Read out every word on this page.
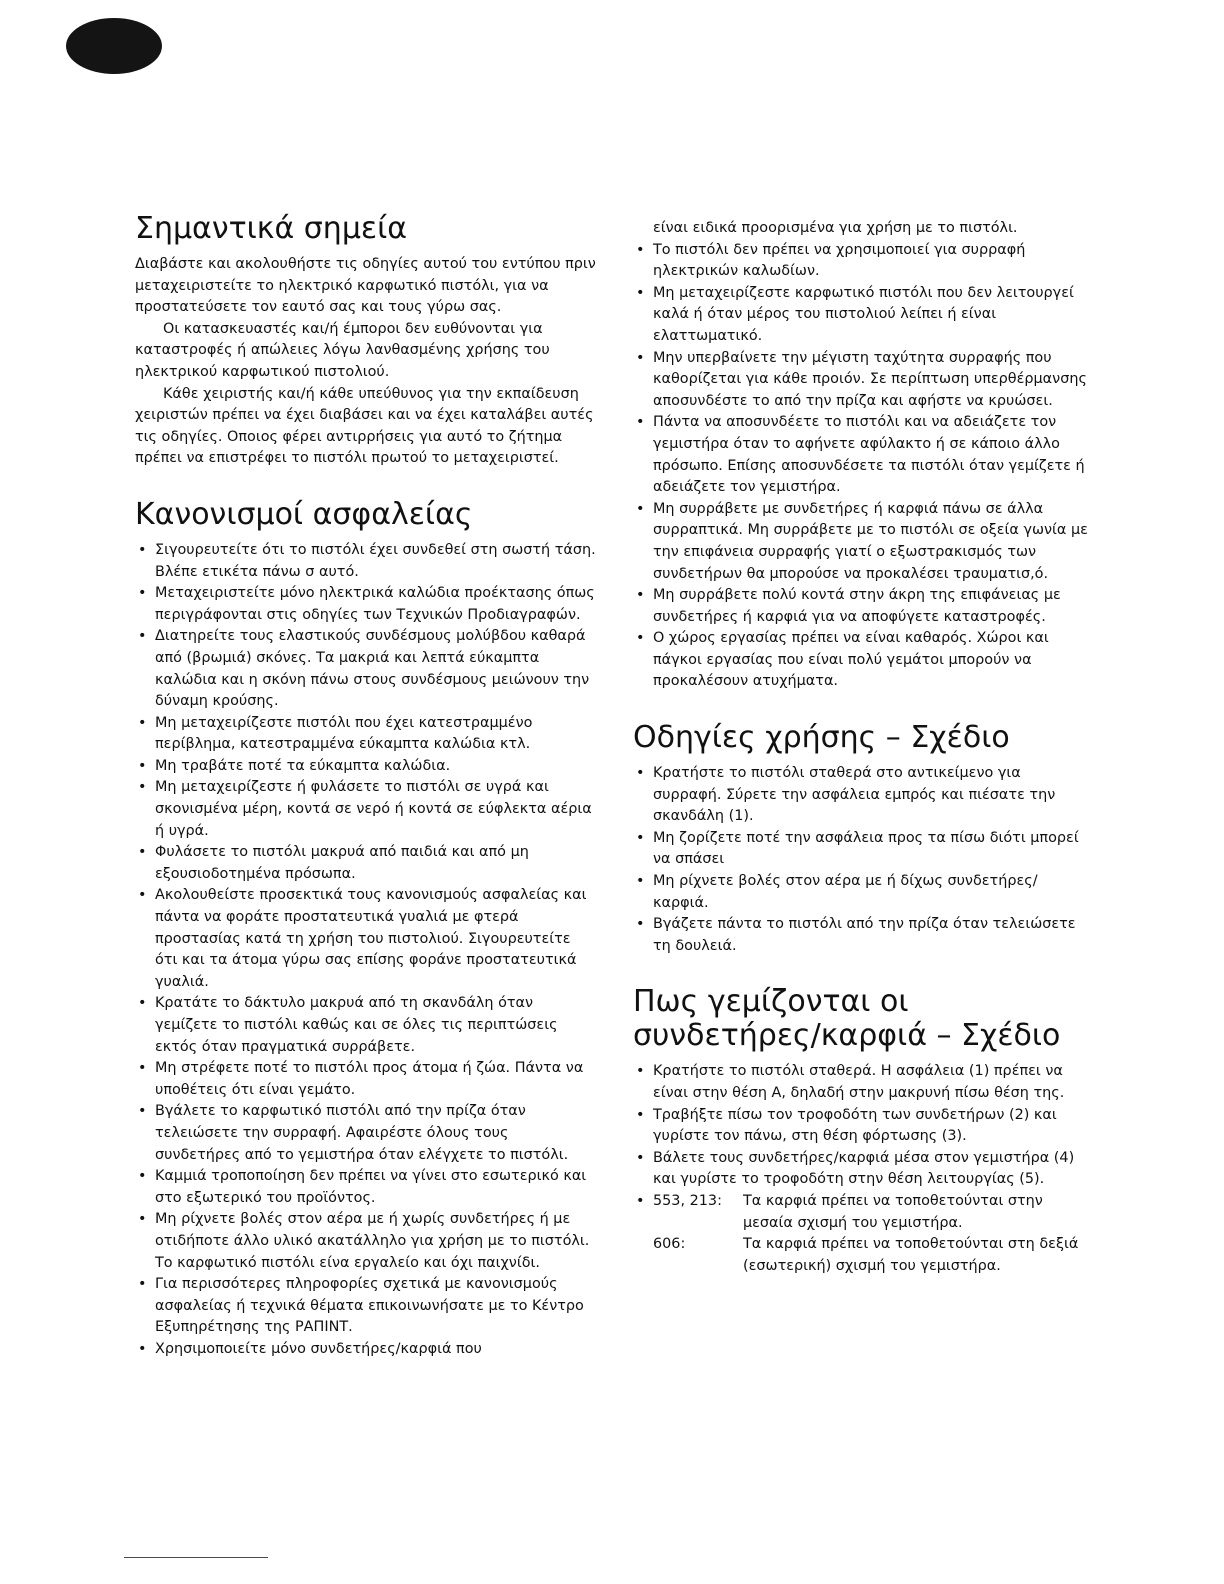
Σημαντικά σημεία

Διαβάστε και ακολουθήστε τις οδηγίες αυτού του εντύπου πριν μεταχειριστείτε το ηλεκτρικό καρφωτικό πιστόλι, για να προστατεύσετε τον εαυτό σας και τους γύρω σας.

Οι κατασκευαστές και/ή έμποροι δεν ευθύνονται για καταστροφές ή απώλειες λόγω λανθασμένης χρήσης του ηλεκτρικού καρφωτικού πιστολιού.

Κάθε χειριστής και/ή κάθε υπεύθυνος για την εκπαίδευση χειριστών πρέπει να έχει διαβάσει και να έχει καταλάβει αυτές τις οδηγίες. Οποιος φέρει αντιρρήσεις για αυτό το ζήτημα πρέπει να επιστρέφει το πιστόλι πρωτού το μεταχειριστεί.

Κανονισμοί ασφαλείας
• Σιγουρευτείτε ότι το πιστόλι έχει συνδεθεί στη σωστή τάση. Βλέπε ετικέτα πάνω σ αυτό.
• Μεταχειριστείτε μόνο ηλεκτρικά καλώδια προέκτασης όπως περιγράφονται στις οδηγίες των Τεχνικών Προδιαγραφών.
• Διατηρείτε τους ελαστικούς συνδέσμους μολύβδου καθαρά από (βρωμιά) σκόνες. Τα μακριά και λεπτά εύκαμπτα καλώδια και η σκόνη πάνω στους συνδέσμους μειώνουν την δύναμη κρούσης.
• Μη μεταχειρίζεστε πιστόλι που έχει κατεστραμμένο περίβλημα, κατεστραμμένα εύκαμπτα καλώδια κτλ.
• Μη τραβάτε ποτέ τα εύκαμπτα καλώδια.
• Μη μεταχειρίζεστε ή φυλάσετε το πιστόλι σε υγρά και σκονισμένα μέρη, κοντά σε νερό ή κοντά σε εύφλεκτα αέρια ή υγρά.
• Φυλάσετε το πιστόλι μακρυά από παιδιά και από μη εξουσιοδοτημένα πρόσωπα.
• Ακολουθείστε προσεκτικά τους κανονισμούς ασφαλείας και πάντα να φοράτε προστατευτικά γυαλιά με φτερά προστασίας κατά τη χρήση του πιστολιού. Σιγουρευτείτε ότι και τα άτομα γύρω σας επίσης φοράνε προστατευτικά γυαλιά.
• Κρατάτε το δάκτυλο μακρυά από τη σκανδάλη όταν γεμίζετε το πιστόλι καθώς και σε όλες τις περιπτώσεις εκτός όταν πραγματικά συρράβετε.
• Μη στρέφετε ποτέ το πιστόλι προς άτομα ή ζώα. Πάντα να υποθέτεις ότι είναι γεμάτο.
• Βγάλετε το καρφωτικό πιστόλι από την πρίζα όταν τελειώσετε την συρραφή. Αφαιρέστε όλους τους συνδετήρες από το γεμιστήρα όταν ελέγχετε το πιστόλι.
• Καμμιά τροποποίηση δεν πρέπει να γίνει στο εσωτερικό και στο εξωτερικό του προϊόντος.
• Μη ρίχνετε βολές στον αέρα με ή χωρίς συνδετήρες ή με οτιδήποτε άλλο υλικό ακατάλληλο για χρήση με το πιστόλι. Το καρφωτικό πιστόλι είνα εργαλείο και όχι παιχνίδι.
• Για περισσότερες πληροφορίες σχετικά με κανονισμούς ασφαλείας ή τεχνικά θέματα επικοινωνήσατε με το Κέντρο Εξυπηρέτησης της ΡΑΠΙΝΤ.
• Χρησιμοποιείτε μόνο συνδετήρες/καρφιά που
είναι ειδικά προορισμένα για χρήση με το πιστόλι.
• Το πιστόλι δεν πρέπει να χρησιμοποιεί για συρραφή ηλεκτρικών καλωδίων.
• Μη μεταχειρίζεστε καρφωτικό πιστόλι που δεν λειτουργεί καλά ή όταν μέρος του πιστολιού λείπει ή είναι ελαττωματικό.
• Μην υπερβαίνετε την μέγιστη ταχύτητα συρραφής που καθορίζεται για κάθε προιόν. Σε περίπτωση υπερθέρμανσης αποσυνδέστε το από την πρίζα και αφήστε να κρυώσει.
• Πάντα να αποσυνδέετε το πιστόλι και να αδειάζετε τον γεμιστήρα όταν το αφήνετε αφύλακτο ή σε κάποιο άλλο πρόσωπο. Επίσης αποσυνδέσετε τα πιστόλι όταν γεμίζετε ή αδειάζετε τον γεμιστήρα.
• Μη συρράβετε με συνδετήρες ή καρφιά πάνω σε άλλα συρραπτικά. Μη συρράβετε με το πιστόλι σε οξεία γωνία με την επιφάνεια συρραφής γιατί ο εξωστρακισμός των συνδετήρων θα μπορούσε να προκαλέσει τραυματισ,ό.
• Μη συρράβετε πολύ κοντά στην άκρη της επιφάνειας με συνδετήρες ή καρφιά για να αποφύγετε καταστροφές.
• Ο χώρος εργασίας πρέπει να είναι καθαρός. Χώροι και πάγκοι εργασίας που είναι πολύ γεμάτοι μπορούν να προκαλέσουν ατυχήματα.
Οδηγίες χρήσης – Σχέδιο
• Κρατήστε το πιστόλι σταθερά στο αντικείμενο για συρραφή. Σύρετε την ασφάλεια εμπρός και πιέσατε την σκανδάλη (1).
• Μη ζορίζετε ποτέ την ασφάλεια προς τα πίσω διότι μπορεί να σπάσει
• Μη ρίχνετε βολές στον αέρα με ή δίχως συνδετήρες/καρφιά.
• Βγάζετε πάντα το πιστόλι από την πρίζα όταν τελειώσετε τη δουλειά.
Πως γεμίζονται οι συνδετήρες/καρφιά – Σχέδιο
• Κρατήστε το πιστόλι σταθερά. Η ασφάλεια (1) πρέπει να είναι στην θέση Α, δηλαδή στην μακρυνή πίσω θέση της.
• Τραβήξτε πίσω τον τροφοδότη των συνδετήρων (2) και γυρίστε τον πάνω, στη θέση φόρτωσης (3).
• Βάλετε τους συνδετήρες/καρφιά μέσα στον γεμιστήρα (4) και γυρίστε το τροφοδότη στην θέση λειτουργίας (5).
• 553, 213:	Τα καρφιά πρέπει να τοποθετούνται στην μεσαία σχισμή του γεμιστήρα.
606:	Τα καρφιά πρέπει να τοποθετούνται στη δεξιά (εσωτερική) σχισμή του γεμιστήρα.
